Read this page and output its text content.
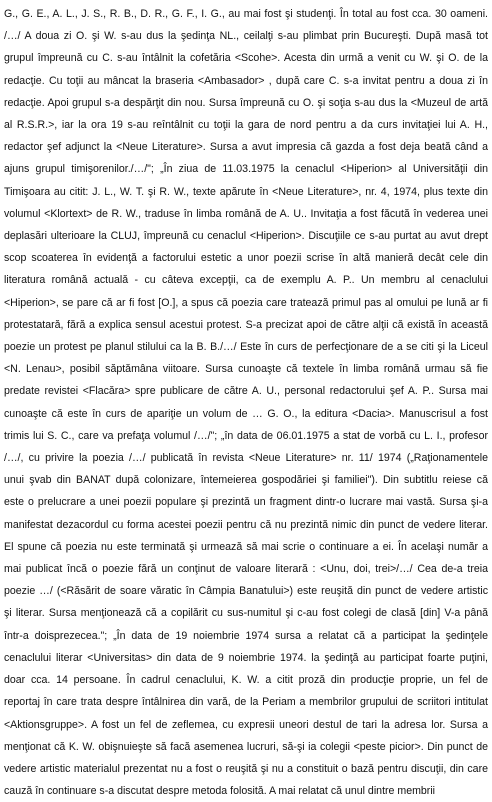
G., G. E., A. L., J. S., R. B., D. R., G. F., I. G., au mai fost şi studenţi. În total au fost cca. 30 oameni.
/…/ A doua zi O. şi W. s-au dus la şedinţa NL., ceilalţi s-au plimbat prin Bucureşti. După masă tot
grupul împreună cu C. s-au întâlnit la cofetăria <Scohe>. Acesta din urmă a venit cu W. şi O. de la
redacţie. Cu toţii au mâncat la braseria <Ambasador> , după care C. s-a invitat pentru a doua zi în
redacţie. Apoi grupul s-a despărţit din nou. Sursa împreună cu O. şi soţia s-au dus la <Muzeul de artă
al R.S.R.>, iar la ora 19 s-au reîntâlnit cu toţii la gara de nord pentru a da curs invitaţiei lui A. H.,
redactor şef adjunct la <Neue Literature>. Sursa a avut impresia că gazda a fost deja beată când a
ajuns grupul timişorenilor./…/"; „În ziua de 11.03.1975 la cenaclul <Hiperion> al Universităţii din
Timişoara au citit: J. L., W. T. şi R. W., texte apărute în <Neue Literature>, nr. 4, 1974, plus texte din
volumul <Klortext> de R. W., traduse în limba română de A. U.. Invitaţia a fost făcută în vederea unei
deplasări ulterioare la CLUJ, împreună cu cenaclul <Hiperion>. Discuţiile ce s-au purtat au avut drept
scop scoaterea în evidenţă a factorului estetic a unor poezii scrise în altă manieră decât cele din
literatura română actuală - cu câteva excepţii, ca de exemplu A. P.. Un membru al cenaclului
<Hiperion>, se pare că ar fi fost [O.], a spus că poezia care tratează primul pas al omului pe lună ar fi
protestatară, fără a explica sensul acestui protest. S-a precizat apoi de către alţii că există în această
poezie un protest pe planul stilului ca la B. B./…/ Este în curs de perfecţionare de a se citi şi la Liceul
<N. Lenau>, posibil săptămâna viitoare. Sursa cunoaşte că textele în limba română urmau să fie
predate revistei <Flacăra> spre publicare de către A. U., personal redactorului şef A. P.. Sursa mai
cunoaşte că este în curs de apariţie un volum de … G. O., la editura <Dacia>. Manuscrisul a fost
trimis lui S. C., care va prefaţa volumul /…/"; „în data de 06.01.1975 a stat de vorbă cu L. I., profesor
/…/, cu privire la poezia /…/ publicată în revista <Neue Literature> nr. 11/ 1974 („Raţionamentele
unui şvab din BANAT după colonizare, întemeierea gospodăriei şi familiei"). Din subtitlu reiese că
este o prelucrare a unei poezii populare şi prezintă un fragment dintr-o lucrare mai vastă. Sursa şi-a
manifestat dezacordul cu forma acestei poezii pentru că nu prezintă nimic din punct de vedere literar.
El spune că poezia nu este terminată şi urmează să mai scrie o continuare a ei. În acelaşi număr a
mai publicat încă o poezie fără un conţinut de valoare literară : <Unu, doi, trei>/…/ Cea de-a treia
poezie …/ (<Răsărit de soare văratic în Câmpia Banatului>) este reuşită din punct de vedere artistic
şi literar. Sursa menţionează că a copilărit cu sus-numitul şi c-au fost colegi de clasă [din] V-a până
într-a doisprezecea."; „În data de 19 noiembrie 1974 sursa a relatat că a participat la şedinţele
cenaclului literar <Universitas> din data de 9 noiembrie 1974. la şedinţă au participat foarte puţini,
doar cca. 14 persoane. În cadrul cenaclului, K. W. a citit proză din producţie proprie, un fel de
reportaj în care trata despre întâlnirea din vară, de la Periam a membrilor grupului de scriitori intitulat
<Aktionsgruppe>. A fost un fel de zeflemea, cu expresii uneori destul de tari la adresa lor. Sursa a
menţionat că K. W. obişnuieşte să facă asemenea lucruri, să-şi ia colegii <peste picior>. Din punct de
vedere artistic materialul prezentat nu a fost o reuşită şi nu a constituit o bază pentru discuţii, din care
cauză în continuare s-a discutat despre metoda folosită. A mai relatat că unul dintre membrii
